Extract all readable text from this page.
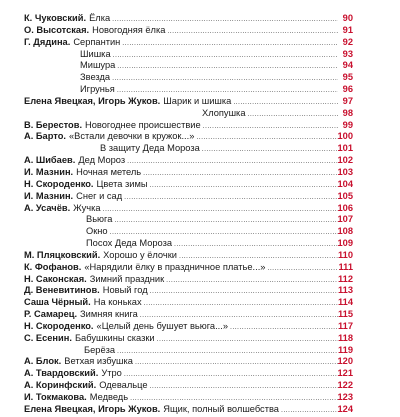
К. Чуковский. Ёлка .....	90
О. Высотская. Новогодняя ёлка .....	91
Г. Дядина. Серпантин .....	92
Шишка .....	93
Мишура .....	94
Звезда .....	95
Игрунья .....	96
Елена Явецкая, Игорь Жуков. Шарик и шишка .....	97
Хлопушка .....	98
В. Берестов. Новогоднее происшествие .....	99
А. Барто. «Встали девочки в кружок...» .....	100
В защиту Деда Мороза .....	101
А. Шибаев. Дед Мороз .....	102
И. Мазнин. Ночная метель .....	103
Н. Скороденко. Цвета зимы .....	104
И. Мазнин. Снег и сад .....	105
А. Усачёв. Жучка .....	106
Вьюга .....	107
Окно .....	108
Посох Деда Мороза .....	109
М. Пляцковский. Хорошо у ёлочки .....	110
К. Фофанов. «Нарядили ёлку в праздничное платье...» .....	111
Н. Саконская. Зимний праздник .....	112
Д. Веневитинов. Новый год .....	113
Саша Чёрный. На коньках .....	114
Р. Самарец. Зимняя книга .....	115
Н. Скороденко. «Целый день бушует вьюга...» .....	117
С. Есенин. Бабушкины сказки .....	118
Берёза .....	119
А. Блок. Ветхая избушка .....	120
А. Твардовский. Утро .....	121
А. Коринфский. Одевальце .....	122
И. Токмакова. Медведь .....	123
Елена Явецкая, Игорь Жуков. Ящик, полный волшебства .....	124
